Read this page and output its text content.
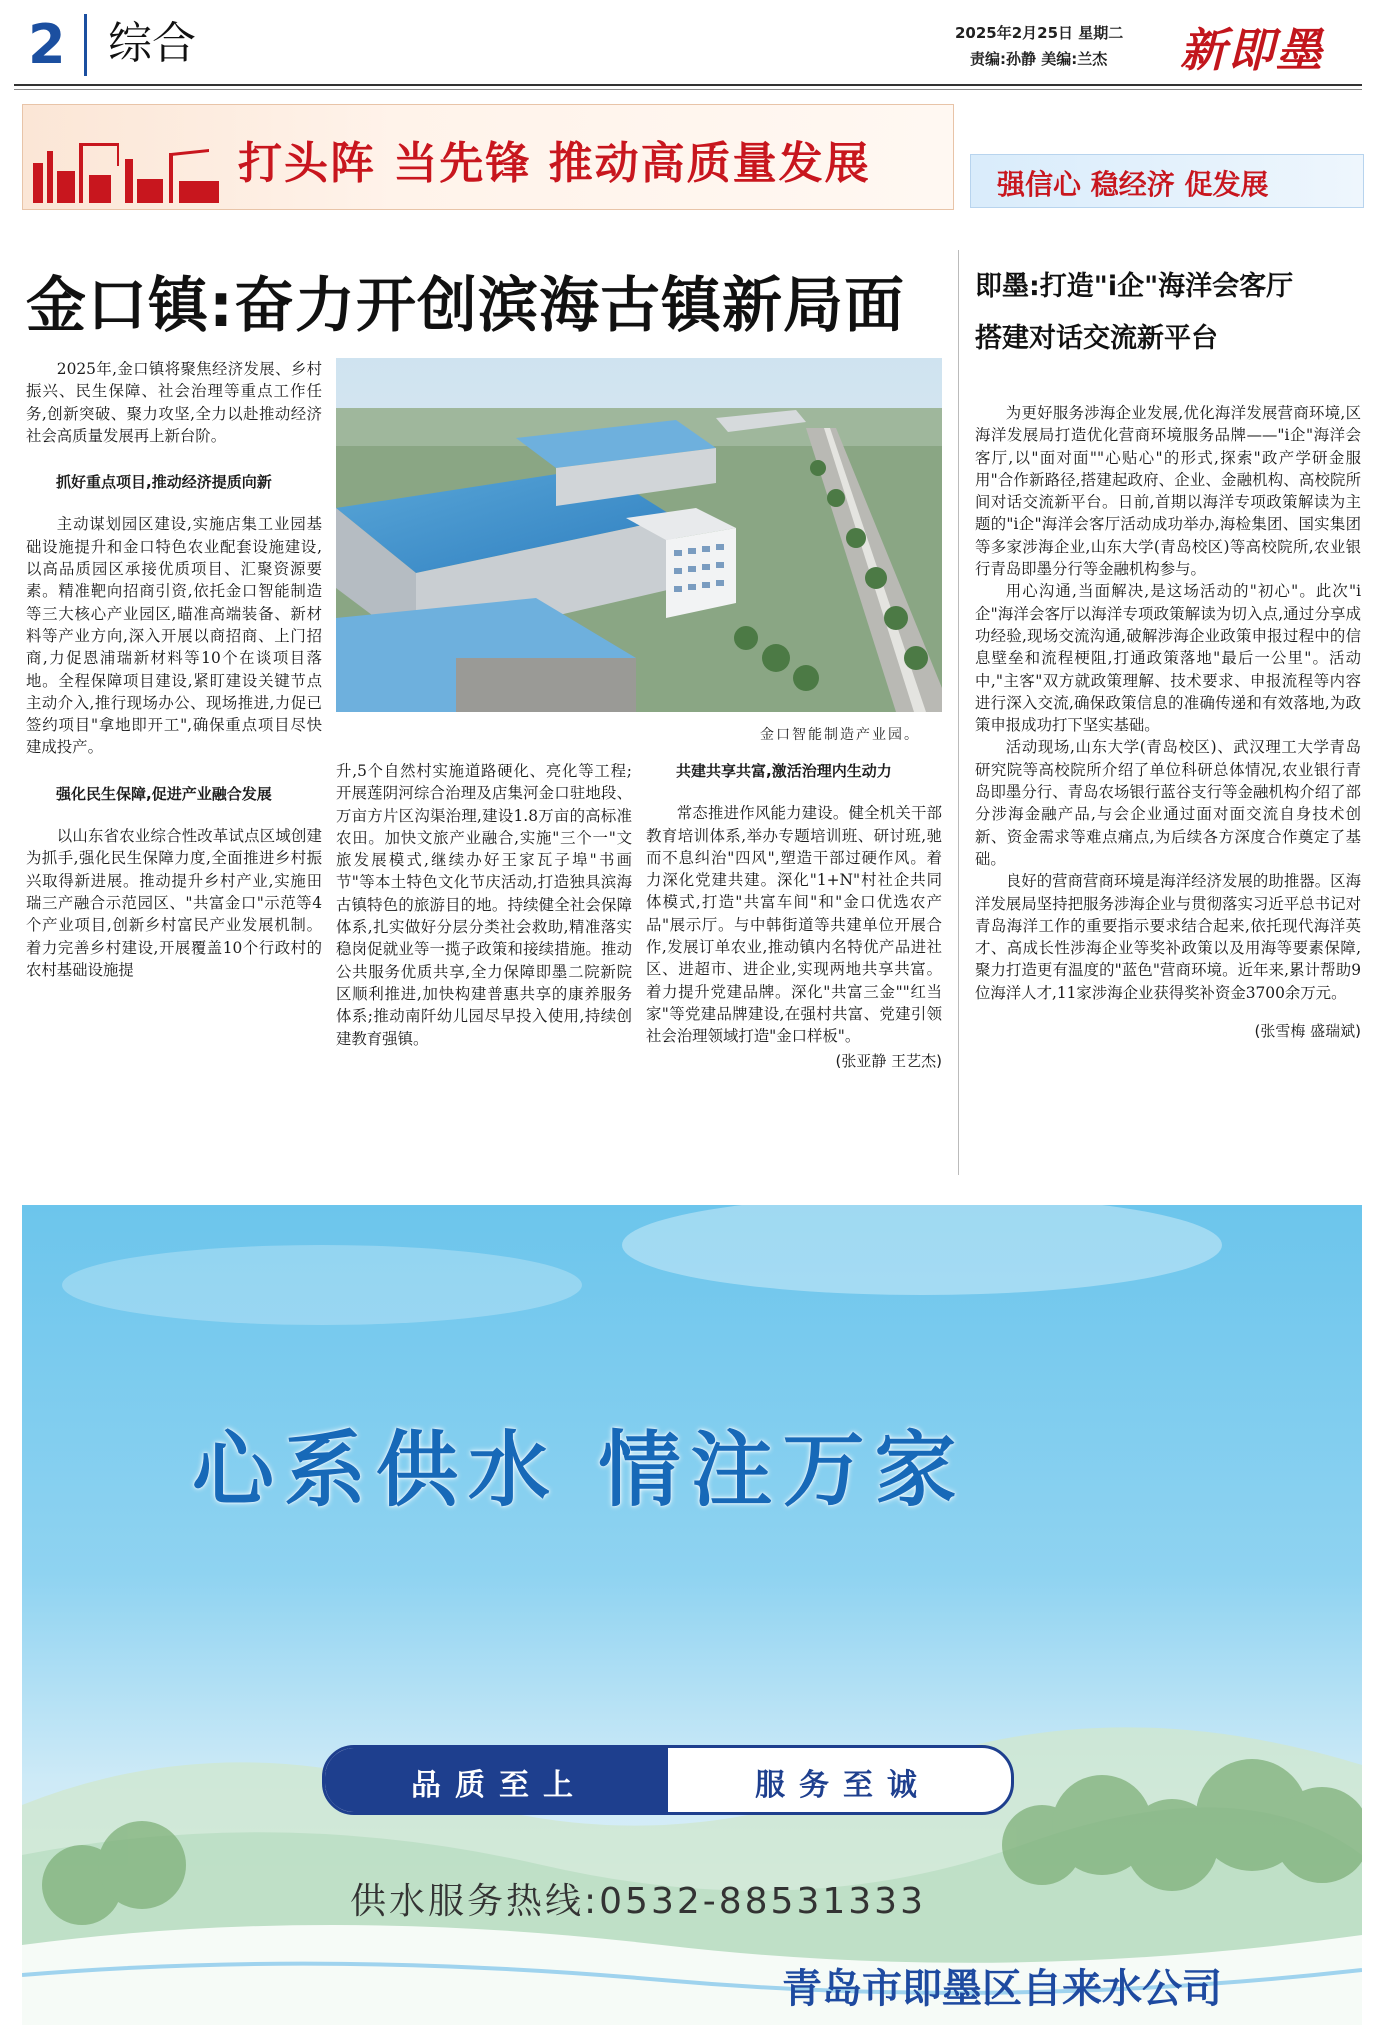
2 综合	2025年2月25日 星期二
责编:孙静 美编:兰杰 新即墨
打头阵 当先锋 推动高质量发展	强信心 稳经济 促发展
金口镇:奋力开创滨海古镇新局面	即墨:打造"i企"海洋会客厅
搭建对话交流新平台
金口智能制造产业园。

2025年,金口镇将聚焦经济发展、乡村振兴、民生保障、社会治理等重点工作任务,创新突破、聚力攻坚,全力以赴推动经济社会高质量发展再上新台阶。

抓好重点项目,推动经济提质向新

主动谋划园区建设,实施店集工业园基础设施提升和金口特色农业配套设施建设,以高品质园区承接优质项目、汇聚资源要素。精准靶向招商引资,依托金口智能制造等三大核心产业园区,瞄准高端装备、新材料等产业方向,深入开展以商招商、上门招商,力促恩浦瑞新材料等10个在谈项目落地。全程保障项目建设,紧盯建设关键节点主动介入,推行现场办公、现场推进,力促已签约项目"拿地即开工",确保重点项目尽快建成投产。

强化民生保障,促进产业融合发展

以山东省农业综合性改革试点区域创建为抓手,强化民生保障力度,全面推进乡村振兴取得新进展。推动提升乡村产业,实施田瑞三产融合示范园区、"共富金口"示范等4个产业项目,创新乡村富民产业发展机制。着力完善乡村建设,开展覆盖10个行政村的农村基础设施提

升,5个自然村实施道路硬化、亮化等工程;开展莲阴河综合治理及店集河金口驻地段、万亩方片区沟渠治理,建设1.8万亩的高标准农田。加快文旅产业融合,实施"三个一"文旅发展模式,继续办好王家瓦子埠"书画节"等本土特色文化节庆活动,打造独具滨海古镇特色的旅游目的地。持续健全社会保障体系,扎实做好分层分类社会救助,精准落实稳岗促就业等一揽子政策和接续措施。推动公共服务优质共享,全力保障即墨二院新院区顺利推进,加快构建普惠共享的康养服务体系;推动南阡幼儿园尽早投入使用,持续创建教育强镇。

共建共享共富,激活治理内生动力

常态推进作风能力建设。健全机关干部教育培训体系,举办专题培训班、研讨班,驰而不息纠治"四风",塑造干部过硬作风。着力深化党建共建。深化"1+N"村社企共同体模式,打造"共富车间"和"金口优选农产品"展示厅。与中韩街道等共建单位开展合作,发展订单农业,推动镇内名特优产品进社区、进超市、进企业,实现两地共享共富。着力提升党建品牌。深化"共富三金""红当家"等党建品牌建设,在强村共富、党建引领社会治理领域打造"金口样板"。

(张亚静 王艺杰)

为更好服务涉海企业发展,优化海洋发展营商环境,区海洋发展局打造优化营商环境服务品牌——"i企"海洋会客厅,以"面对面""心贴心"的形式,探索"政产学研金服用"合作新路径,搭建起政府、企业、金融机构、高校院所间对话交流新平台。日前,首期以海洋专项政策解读为主题的"i企"海洋会客厅活动成功举办,海检集团、国实集团等多家涉海企业,山东大学(青岛校区)等高校院所,农业银行青岛即墨分行等金融机构参与。

用心沟通,当面解决,是这场活动的"初心"。此次"i企"海洋会客厅以海洋专项政策解读为切入点,通过分享成功经验,现场交流沟通,破解涉海企业政策申报过程中的信息壁垒和流程梗阻,打通政策落地"最后一公里"。活动中,"主客"双方就政策理解、技术要求、申报流程等内容进行深入交流,确保政策信息的准确传递和有效落地,为政策申报成功打下坚实基础。

活动现场,山东大学(青岛校区)、武汉理工大学青岛研究院等高校院所介绍了单位科研总体情况,农业银行青岛即墨分行、青岛农场银行蓝谷支行等金融机构介绍了部分涉海金融产品,与会企业通过面对面交流自身技术创新、资金需求等难点痛点,为后续各方深度合作奠定了基础。

良好的营商营商环境是海洋经济发展的助推器。区海洋发展局坚持把服务涉海企业与贯彻落实习近平总书记对青岛海洋工作的重要指示要求结合起来,依托现代海洋英才、高成长性涉海企业等奖补政策以及用海等要素保障,聚力打造更有温度的"蓝色"营商环境。近年来,累计帮助9位海洋人才,11家涉海企业获得奖补资金3700余万元。

(张雪梅 盛瑞斌)

心系供水 情注万家
品质至上	服务至诚
供水服务热线:0532-88531333
青岛市即墨区自来水公司
